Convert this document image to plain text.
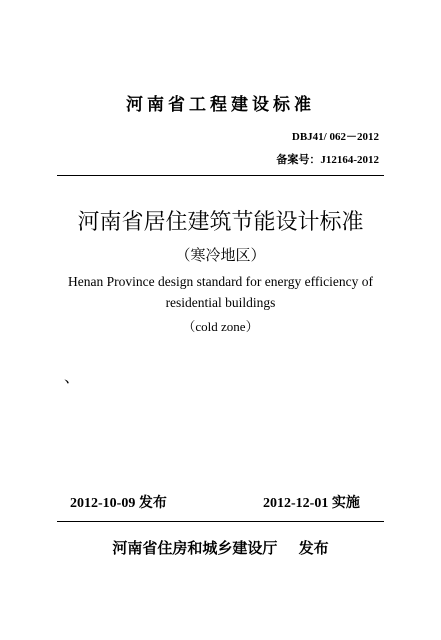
河南省工程建设标准
DBJ41/ 062－2012
备案号：J12164-2012
河南省居住建筑节能设计标准
（寒冷地区）
Henan Province design standard for energy efficiency of
residential buildings
（cold zone）
、
2012-10-09 发布	2012-12-01 实施
河南省住房和城乡建设厅 发布
